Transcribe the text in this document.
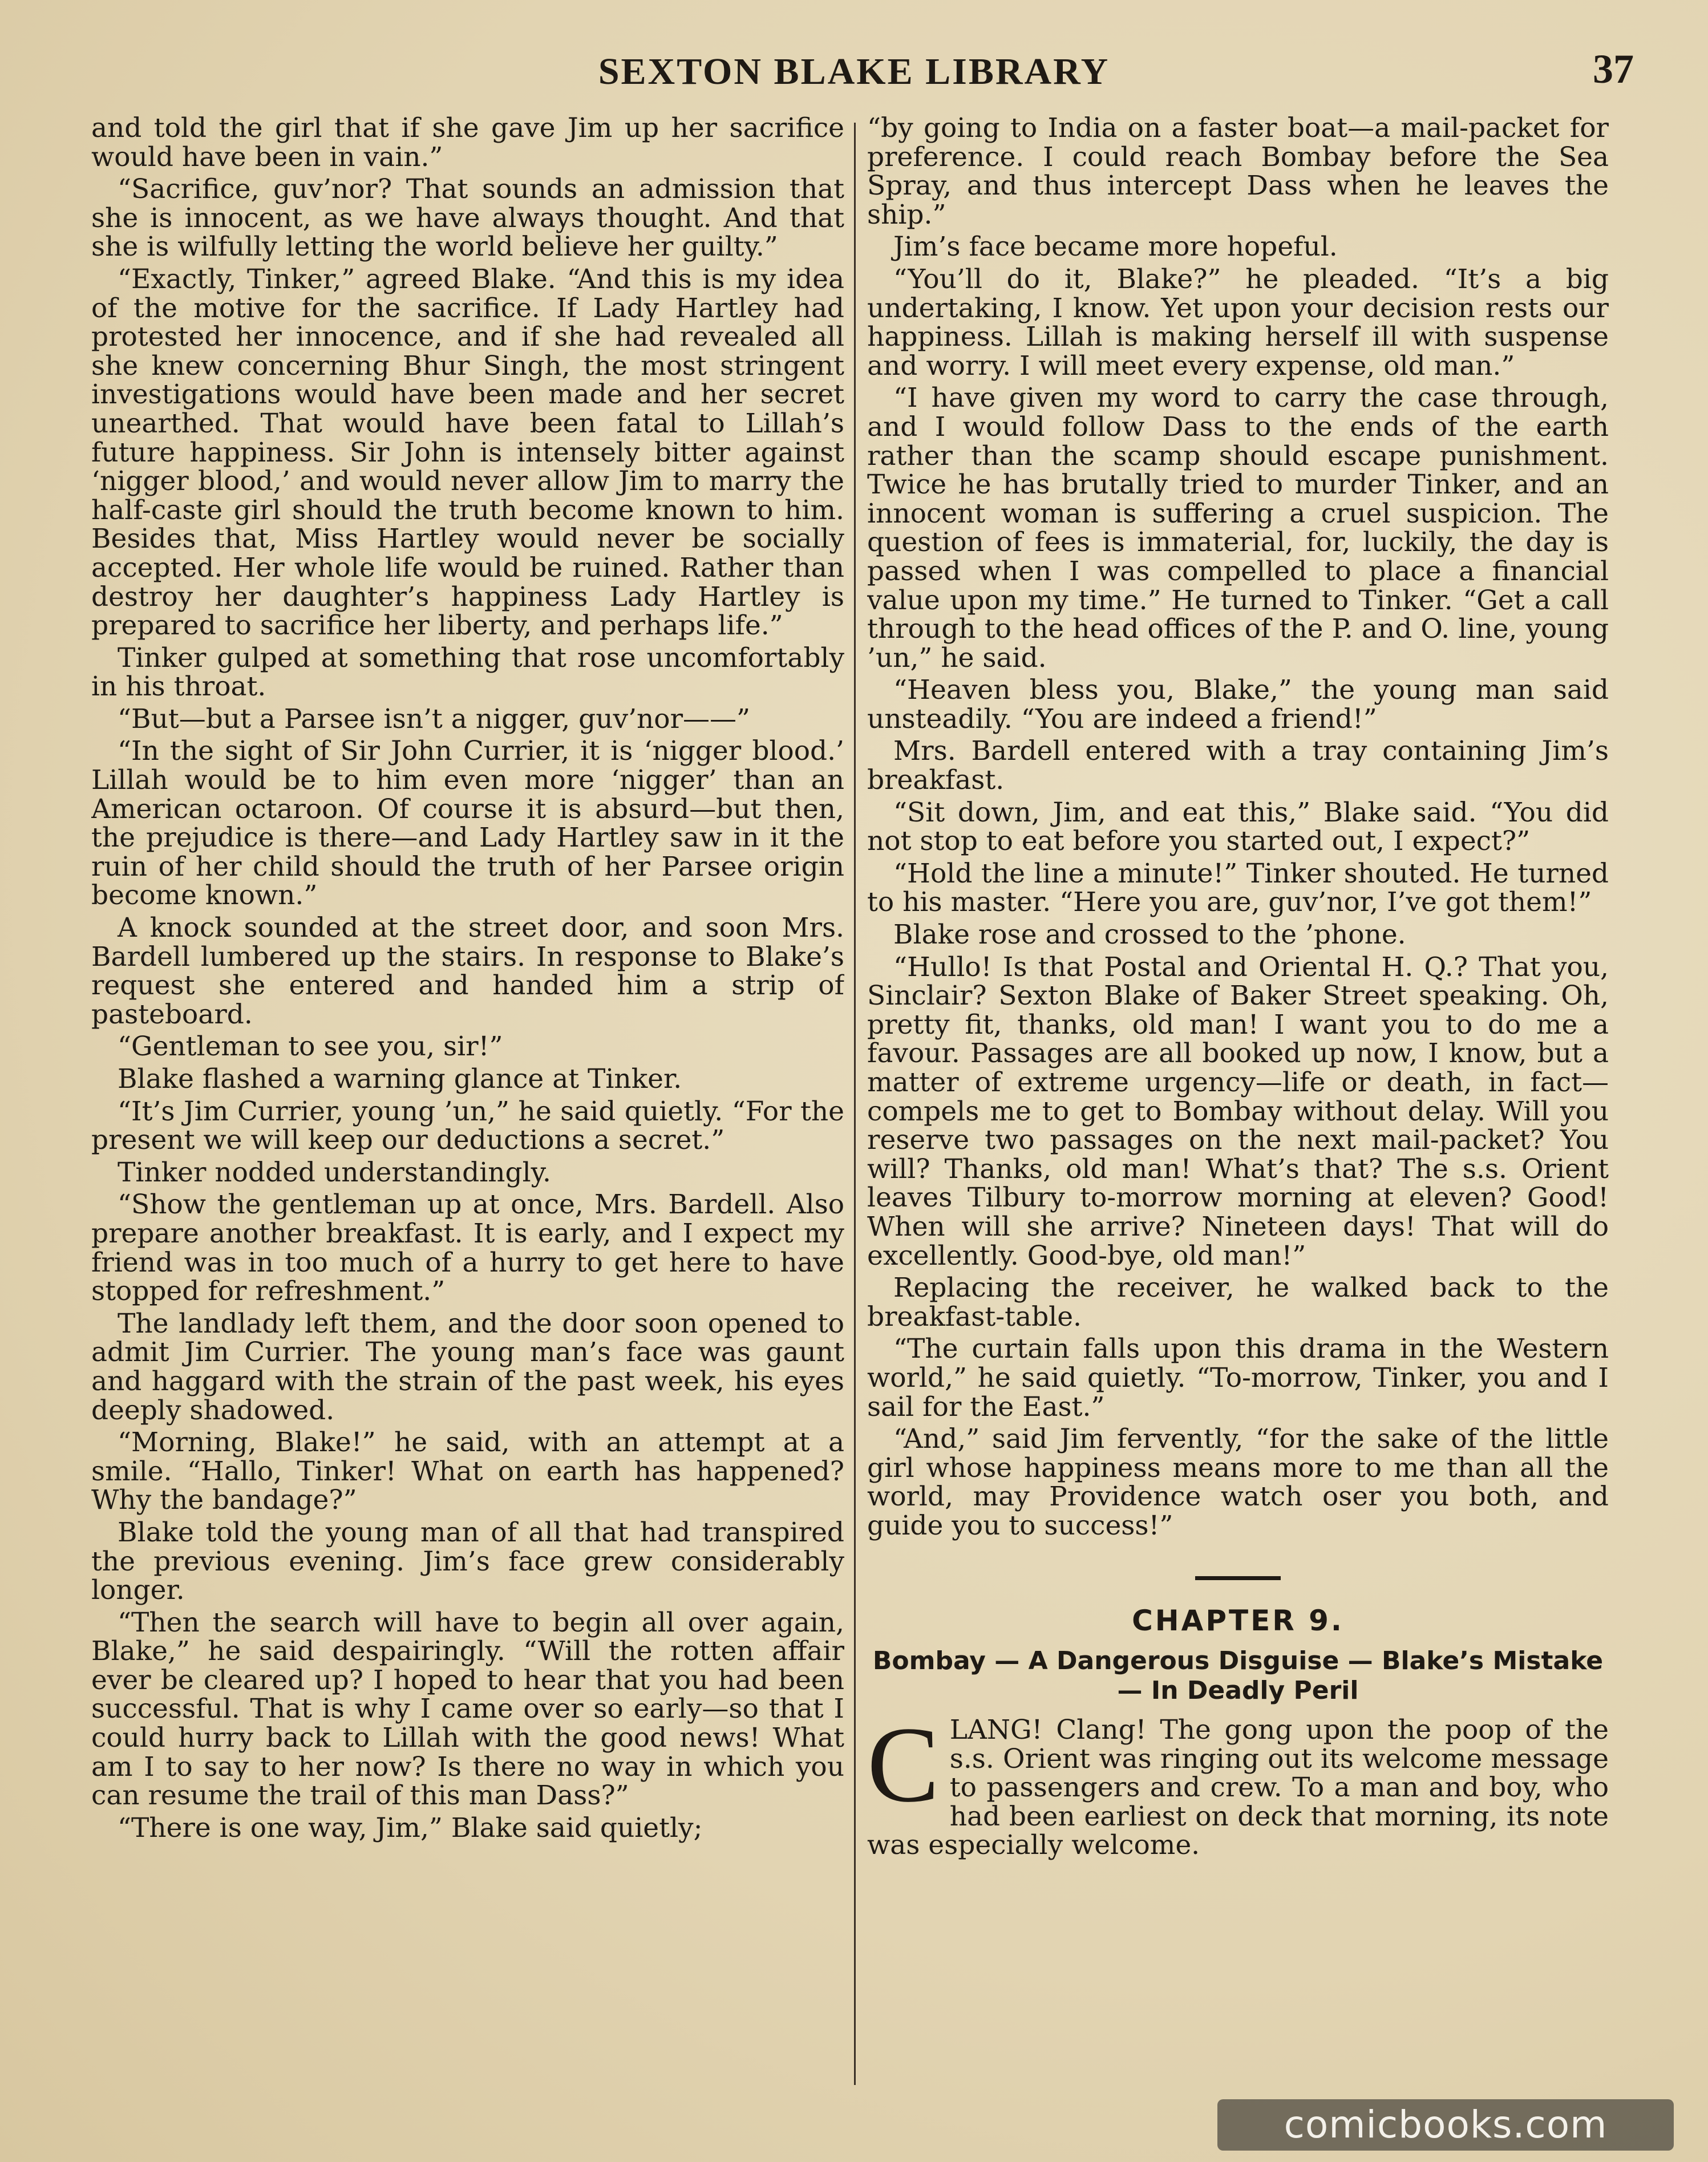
SEXTON BLAKE LIBRARY	37

and told the girl that if she gave Jim up her sacrifice would have been in vain.”

“Sacrifice, guv’nor? That sounds an admission that she is innocent, as we have always thought. And that she is wilfully letting the world believe her guilty.”

“Exactly, Tinker,” agreed Blake. “And this is my idea of the motive for the sacrifice. If Lady Hartley had protested her innocence, and if she had revealed all she knew concerning Bhur Singh, the most stringent investigations would have been made and her secret unearthed. That would have been fatal to Lillah’s future happiness. Sir John is intensely bitter against ‘nigger blood,’ and would never allow Jim to marry the half-caste girl should the truth become known to him. Besides that, Miss Hartley would never be socially accepted. Her whole life would be ruined. Rather than destroy her daughter’s happiness Lady Hartley is prepared to sacrifice her liberty, and perhaps life.”

Tinker gulped at something that rose uncomfortably in his throat.

“But—but a Parsee isn’t a nigger, guv’nor——”

“In the sight of Sir John Currier, it is ‘nigger blood.’ Lillah would be to him even more ‘nigger’ than an American octaroon. Of course it is absurd—but then, the prejudice is there—and Lady Hartley saw in it the ruin of her child should the truth of her Parsee origin become known.”

A knock sounded at the street door, and soon Mrs. Bardell lumbered up the stairs. In response to Blake’s request she entered and handed him a strip of pasteboard.

“Gentleman to see you, sir!”

Blake flashed a warning glance at Tinker.

“It’s Jim Currier, young ’un,” he said quietly. “For the present we will keep our deductions a secret.”

Tinker nodded understandingly.

“Show the gentleman up at once, Mrs. Bardell. Also prepare another breakfast. It is early, and I expect my friend was in too much of a hurry to get here to have stopped for refreshment.”

The landlady left them, and the door soon opened to admit Jim Currier. The young man’s face was gaunt and haggard with the strain of the past week, his eyes deeply shadowed.

“Morning, Blake!” he said, with an attempt at a smile. “Hallo, Tinker! What on earth has happened? Why the bandage?”

Blake told the young man of all that had transpired the previous evening. Jim’s face grew considerably longer.

“Then the search will have to begin all over again, Blake,” he said despairingly. “Will the rotten affair ever be cleared up? I hoped to hear that you had been successful. That is why I came over so early—so that I could hurry back to Lillah with the good news! What am I to say to her now? Is there no way in which you can resume the trail of this man Dass?”

“There is one way, Jim,” Blake said quietly;

“by going to India on a faster boat—a mail-packet for preference. I could reach Bombay before the Sea Spray, and thus intercept Dass when he leaves the ship.”

Jim’s face became more hopeful.

“You’ll do it, Blake?” he pleaded. “It’s a big undertaking, I know. Yet upon your decision rests our happiness. Lillah is making herself ill with suspense and worry. I will meet every expense, old man.”

“I have given my word to carry the case through, and I would follow Dass to the ends of the earth rather than the scamp should escape punishment. Twice he has brutally tried to murder Tinker, and an innocent woman is suffering a cruel suspicion. The question of fees is immaterial, for, luckily, the day is passed when I was compelled to place a financial value upon my time.” He turned to Tinker. “Get a call through to the head offices of the P. and O. line, young ’un,” he said.

“Heaven bless you, Blake,” the young man said unsteadily. “You are indeed a friend!”

Mrs. Bardell entered with a tray containing Jim’s breakfast.

“Sit down, Jim, and eat this,” Blake said. “You did not stop to eat before you started out, I expect?”

“Hold the line a minute!” Tinker shouted. He turned to his master. “Here you are, guv’nor, I’ve got them!”

Blake rose and crossed to the ’phone.

“Hullo! Is that Postal and Oriental H. Q.? That you, Sinclair? Sexton Blake of Baker Street speaking. Oh, pretty fit, thanks, old man! I want you to do me a favour. Passages are all booked up now, I know, but a matter of extreme urgency—life or death, in fact—compels me to get to Bombay without delay. Will you reserve two passages on the next mail-packet? You will? Thanks, old man! What’s that? The s.s. Orient leaves Tilbury to-morrow morning at eleven? Good! When will she arrive? Nineteen days! That will do excellently. Good-bye, old man!”

Replacing the receiver, he walked back to the breakfast-table.

“The curtain falls upon this drama in the Western world,” he said quietly. “To-morrow, Tinker, you and I sail for the East.”

“And,” said Jim fervently, “for the sake of the little girl whose happiness means more to me than all the world, may Providence watch oser you both, and guide you to success!”

CHAPTER 9.
Bombay — A Dangerous Disguise — Blake’s Mistake — In Deadly Peril

CLANG! Clang! The gong upon the poop of the s.s. Orient was ringing out its welcome message to passengers and crew. To a man and boy, who had been earliest on deck that morning, its note was especially welcome.

comicbooks.com
